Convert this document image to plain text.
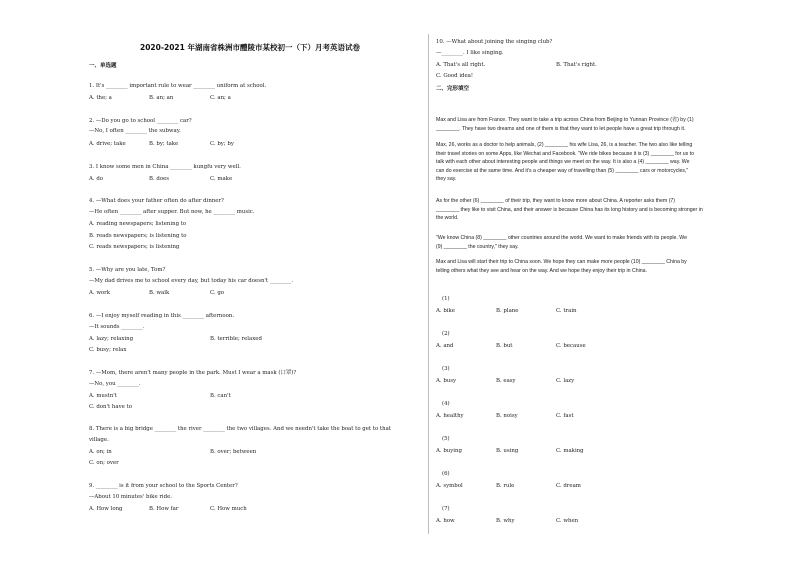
2020-2021 年湖南省株洲市醴陵市某校初一（下）月考英语试卷
一、单选题
1. It's ________ important rule to wear ________ uniform at school.
A. the; a	B. an; an	C. an; a
2. —Do you go to school ________ car?
—No, I often ________ the subway.
A. drive; take	B. by; take	C. by; by
3. I know some men in China ________ kungfu very well.
A. do	B. does	C. make
4. —What does your father often do after dinner?
—He often ________ after supper. But now, he ________ music.
A. reading newspapers; listening to
B. reads newspapers; is listening to
C. reads newspapers; is listening
5. —Why are you late, Tom?
—My dad drives me to school every day, but today his car doesn't ________.
A. work	B. walk	C. go
6. —I enjoy myself reading in this ________ afternoon.
—It sounds ________.
A. lazy; relaxing	B. terrible; relaxed
C. busy; relax
7. —Mom, there aren't many people in the park. Must I wear a mask (口罩)?
—No, you ________.
A. mustn't	B. can't
C. don't have to
8. There is a big bridge ________ the river ________ the two villages. And we needn't take the boat to get to that
village.
A. on; in	B. over; between
C. on; over
9. ________ is it from your school to the Sports Center?
—About 10 minutes' bike ride.
A. How long	B. How far	C. How much
10. —What about joining the singing club?
—________. I like singing.
A. That's all right.	B. That's right.
C. Good idea!
二、完形填空
Max and Lisa are from France. They want to take a trip across China from Beijing to Yunnan Province (省) by (1)
________. They have two dreams and one of them is that they want to let people have a great trip through it.
Max, 26, works as a doctor to help animals, (2) ________ his wife Lisa, 26, is a teacher. The two also like telling
their travel stories on some Apps, like Wechat and Facebook. "We ride bikes because it is (3) ________ for us to
talk with each other about interesting people and things we meet on the way. It is also a (4) ________ way. We
can do exercise at the same time. And it's a cheaper way of travelling than (5) ________ cars or motorcycles,"
they say.
As for the other (6) ________ of their trip, they want to know more about China. A reporter asks them (7)
________ they like to visit China, and their answer is because China has its long history and is becoming stronger in
the world.
"We know China (8) ________ other countries around the world. We want to make friends with its people. We
(9) ________ the country," they say.
Max and Lisa will start their trip to China soon. We hope they can make more people (10) ________ China by
telling others what they see and hear on the way. And we hope they enjoy their trip in China.
(1)
A. bike	B. plane	C. train
(2)
A. and	B. but	C. because
(3)
A. busy	B. easy	C. lazy
(4)
A. healthy	B. noisy	C. fast
(5)
A. buying	B. using	C. making
(6)
A. symbol	B. rule	C. dream
(7)
A. how	B. why	C. when
